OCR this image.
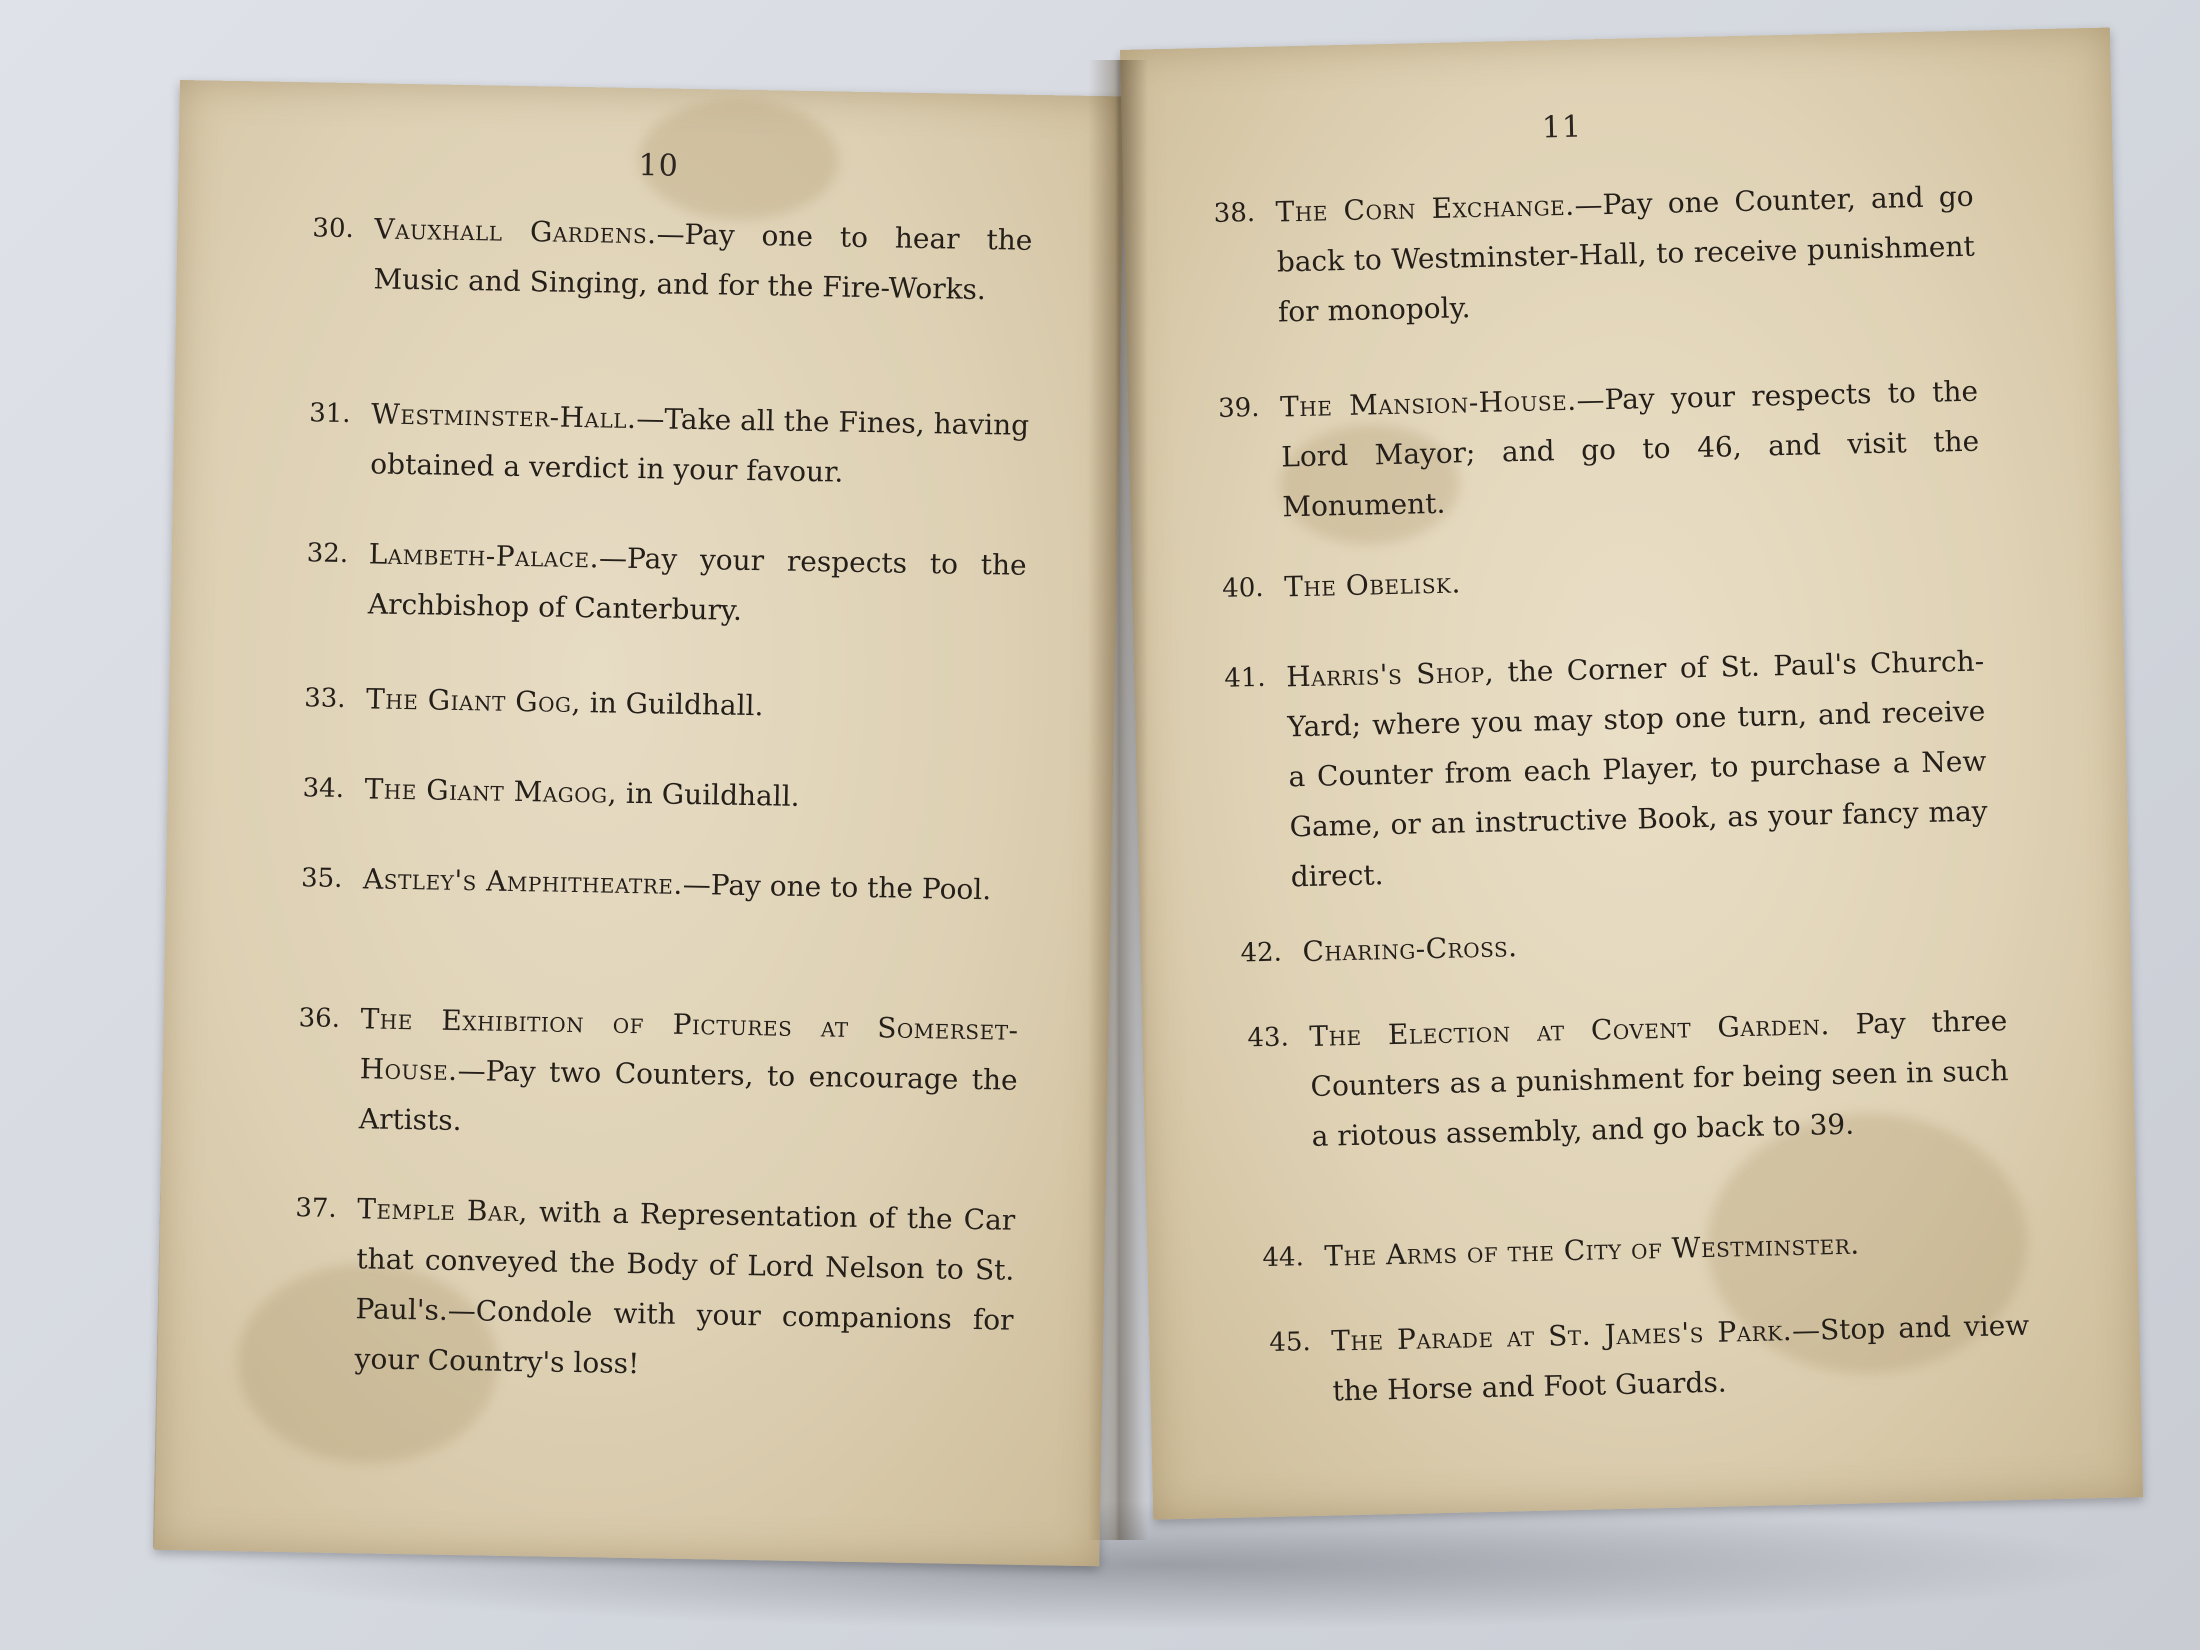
10
30. Vauxhall Gardens.—Pay one to hear the Music and Singing, and for the Fire-Works.
31. Westminster-Hall.—Take all the Fines, having obtained a verdict in your favour.
32. Lambeth-Palace.—Pay your respects to the Archbishop of Canterbury.
33. The Giant Gog, in Guildhall.
34. The Giant Magog, in Guildhall.
35. Astley's Amphitheatre.—Pay one to the Pool.
36. The Exhibition of Pictures at Somerset-House.—Pay two Counters, to encourage the Artists.
37. Temple Bar, with a Representation of the Car that conveyed the Body of Lord Nelson to St. Paul's.—Condole with your companions for your Country's loss!
11
38. The Corn Exchange.—Pay one Counter, and go back to Westminster-Hall, to receive punishment for monopoly.
39. The Mansion-House.—Pay your respects to the Lord Mayor; and go to 46, and visit the Monument.
40. The Obelisk.
41. Harris's Shop, the Corner of St. Paul's Church-Yard; where you may stop one turn, and receive a Counter from each Player, to purchase a New Game, or an instructive Book, as your fancy may direct.
42. Charing-Cross.
43. The Election at Covent Garden. Pay three Counters as a punishment for being seen in such a riotous assembly, and go back to 39.
44. The Arms of the City of Westminster.
45. The Parade at St. James's Park.—Stop and view the Horse and Foot Guards.
